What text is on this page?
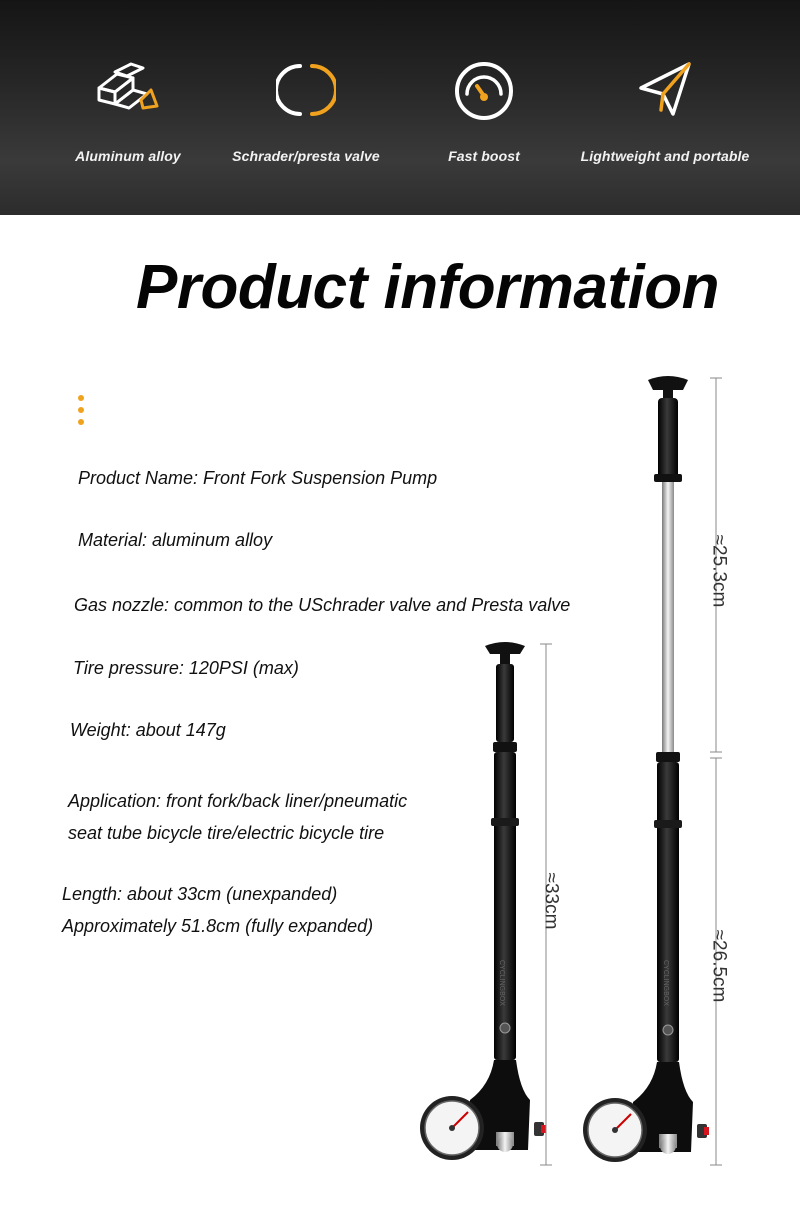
Aluminum alloy	Schrader/presta valve	Fast boost	Lightweight and portable
Product information

Product Name: Front Fork Suspension Pump

Material: aluminum alloy

Gas nozzle: common to the USchrader valve and Presta valve

Tire pressure: 120PSI (max)

Weight: about 147g

Application: front fork/back liner/pneumatic

seat tube bicycle tire/electric bicycle tire

Length: about 33cm (unexpanded)

Approximately 51.8cm (fully expanded)

CYCLINGBOX	CYCLINGBOX
≈33cm
≈25.3cm
≈26.5cm
